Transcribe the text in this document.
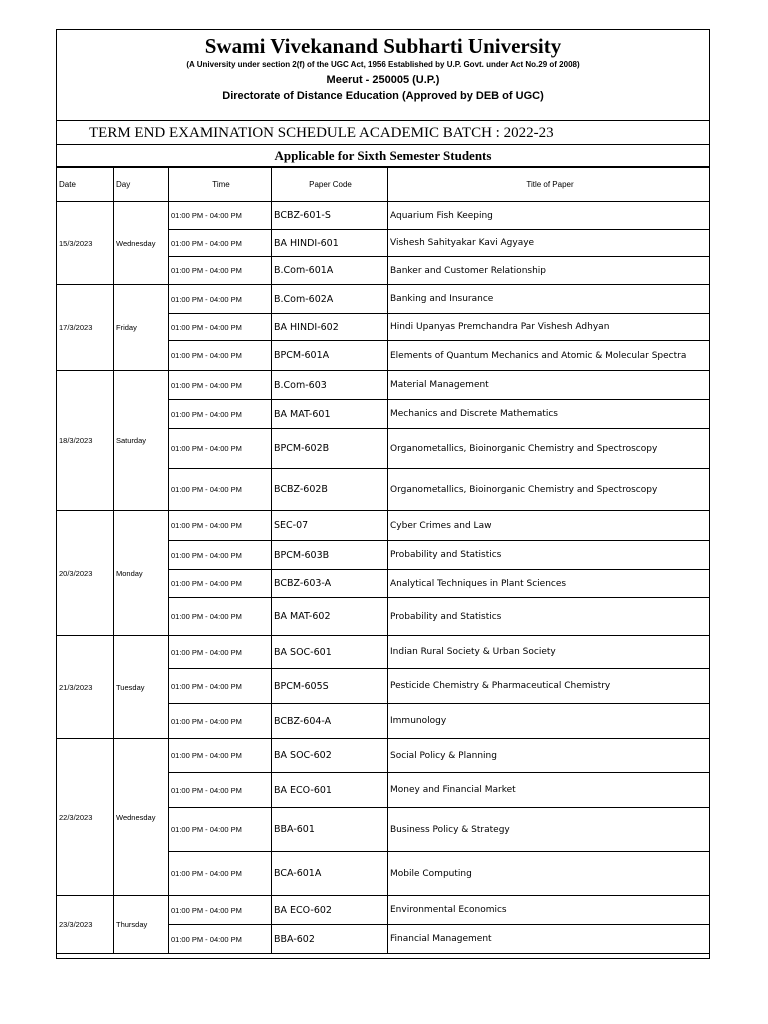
Swami Vivekanand Subharti University
(A University under section 2(f) of the UGC Act, 1956 Established by U.P. Govt. under Act No.29 of 2008)
Meerut - 250005 (U.P.)
Directorate of Distance Education (Approved by DEB of UGC)
TERM END EXAMINATION SCHEDULE ACADEMIC BATCH : 2022-23
Applicable for Sixth Semester Students
Date	Day	Time	Paper Code	Title of Paper
15/3/2023	Wednesday	01:00 PM - 04:00 PM	BCBZ-601-S	Aquarium Fish Keeping
		01:00 PM - 04:00 PM	BA HINDI-601	Vishesh Sahityakar Kavi Agyaye
		01:00 PM - 04:00 PM	B.Com-601A	Banker and Customer Relationship
17/3/2023	Friday	01:00 PM - 04:00 PM	B.Com-602A	Banking and Insurance
		01:00 PM - 04:00 PM	BA HINDI-602	Hindi Upanyas Premchandra Par Vishesh Adhyan
		01:00 PM - 04:00 PM	BPCM-601A	Elements of Quantum Mechanics and Atomic & Molecular Spectra
18/3/2023	Saturday	01:00 PM - 04:00 PM	B.Com-603	Material Management
		01:00 PM - 04:00 PM	BA MAT-601	Mechanics and Discrete Mathematics
		01:00 PM - 04:00 PM	BPCM-602B	Organometallics, Bioinorganic Chemistry and Spectroscopy
		01:00 PM - 04:00 PM	BCBZ-602B	Organometallics, Bioinorganic Chemistry and Spectroscopy
20/3/2023	Monday	01:00 PM - 04:00 PM	SEC-07	Cyber Crimes and Law
		01:00 PM - 04:00 PM	BPCM-603B	Probability and Statistics
		01:00 PM - 04:00 PM	BCBZ-603-A	Analytical Techniques in Plant Sciences
		01:00 PM - 04:00 PM	BA MAT-602	Probability and Statistics
21/3/2023	Tuesday	01:00 PM - 04:00 PM	BA SOC-601	Indian Rural Society & Urban Society
		01:00 PM - 04:00 PM	BPCM-605S	Pesticide Chemistry & Pharmaceutical Chemistry
		01:00 PM - 04:00 PM	BCBZ-604-A	Immunology
22/3/2023	Wednesday	01:00 PM - 04:00 PM	BA SOC-602	Social Policy & Planning
		01:00 PM - 04:00 PM	BA ECO-601	Money and Financial Market
		01:00 PM - 04:00 PM	BBA-601	Business Policy & Strategy
		01:00 PM - 04:00 PM	BCA-601A	Mobile Computing
23/3/2023	Thursday	01:00 PM - 04:00 PM	BA ECO-602	Environmental Economics
		01:00 PM - 04:00 PM	BBA-602	Financial Management
